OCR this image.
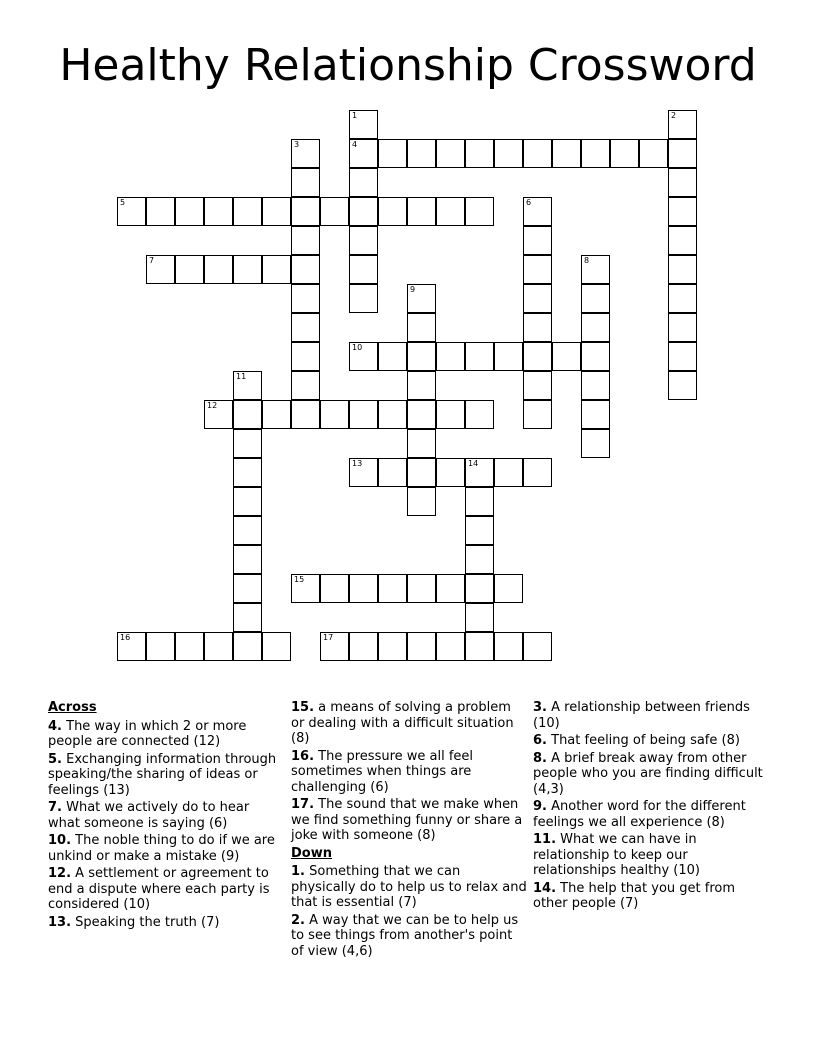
Healthy Relationship Crossword
1
4
2
3
5	6
7	8
9
10
11
12
13	14
15
16	17
Across
4. The way in which 2 or more people are connected (12)
5. Exchanging information through speaking/the sharing of ideas or feelings (13)
7. What we actively do to hear what someone is saying (6)
10. The noble thing to do if we are unkind or make a mistake (9)
12. A settlement or agreement to end a dispute where each party is considered (10)
13. Speaking the truth (7)
15. a means of solving a problem or dealing with a difficult situation (8)
16. The pressure we all feel sometimes when things are challenging (6)
17. The sound that we make when we find something funny or share a joke with someone (8)
Down
1. Something that we can physically do to help us to relax and that is essential (7)
2. A way that we can be to help us to see things from another's point of view (4,6)
3. A relationship between friends (10)
6. That feeling of being safe (8)
8. A brief break away from other people who you are finding difficult (4,3)
9. Another word for the different feelings we all experience (8)
11. What we can have in relationship to keep our relationships healthy (10)
14. The help that you get from other people (7)
